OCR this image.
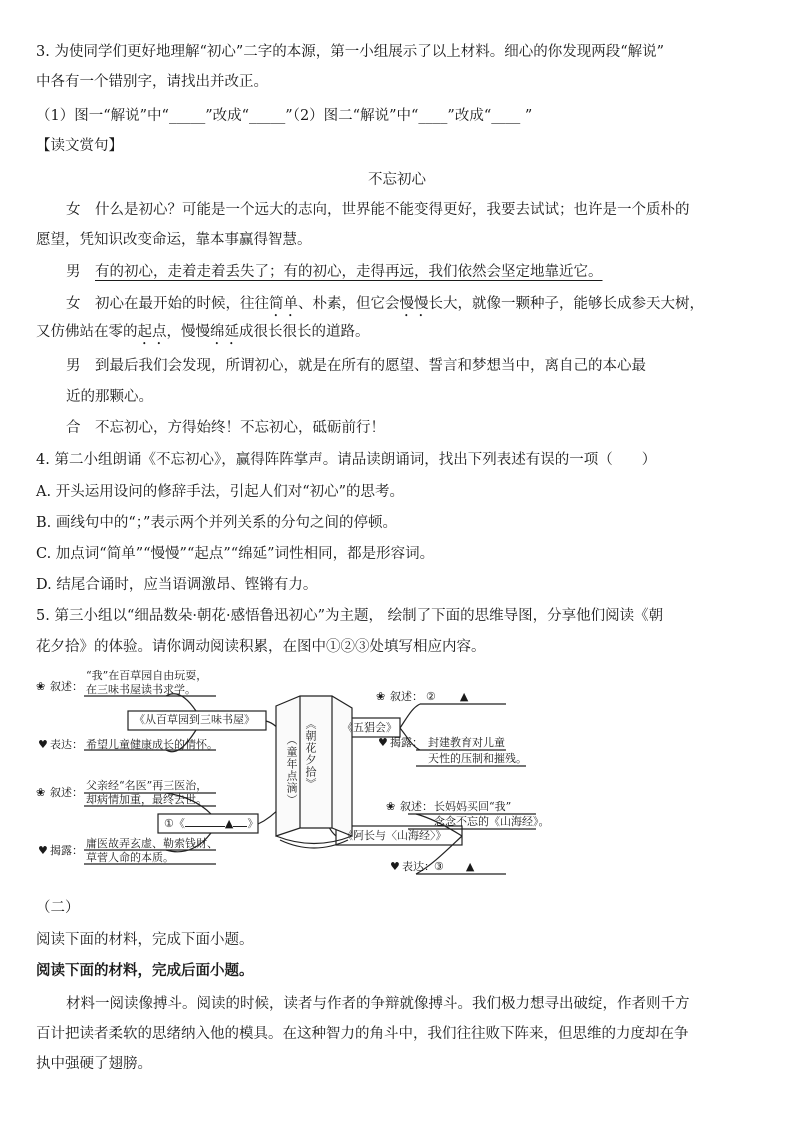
3. 为使同学们更好地理解“初心”二字的本源，第一小组展示了以上材料。细心的你发现两段“解说”
中各有一个错别字，请找出并改正。
（1）图一“解说”中“_____”改成“_____”（2）图二“解说”中“____”改成“____ ”
【读文赏句】
不忘初心
女　什么是初心？可能是一个远大的志向，世界能不能变得更好，我要去试试；也许是一个质朴的
愿望，凭知识改变命运，靠本事赢得智慧。
男　有的初心，走着走着丢失了；有的初心，走得再远，我们依然会坚定地靠近它。
女　初心在最开始的时候，往往简单、朴素，但它会慢慢长大，就像一颗种子，能够长成参天大树，
又仿佛站在零的起点，慢慢绵延成很长很长的道路。
男　到最后我们会发现，所谓初心，就是在所有的愿望、誓言和梦想当中，离自己的本心最
近的那颗心。
合　不忘初心，方得始终！不忘初心，砥砺前行！
4. 第二小组朗诵《不忘初心》，赢得阵阵掌声。请品读朗诵词，找出下列表述有误的一项（　　）
A. 开头运用设问的修辞手法，引起人们对“初心”的思考。
B. 画线句中的“；”表示两个并列关系的分句之间的停顿。
C. 加点词“简单”“慢慢”“起点”“绵延”词性相同，都是形容词。
D. 结尾合诵时，应当语调激昂、铿锵有力。
5. 第三小组以“细品数朵·朝花·感悟鲁迅初心”为主题， 绘制了下面的思维导图，分享他们阅读《朝
花夕拾》的体验。请你调动阅读积累，在图中①②③处填写相应内容。
《朝花夕拾》
（童年点滴）
❀ 叙述：
“我”在百草园自由玩耍，
在三味书屋读书求学。
《从百草园到三味书屋》
♥ 表达： 希望儿童健康成长的情怀。
❀ 叙述：
父亲经“名医”再三医治，
却病情加重，最终去世。
①《	▲ 》
♥ 揭露：
庸医故弄玄虚、勒索钱财、
草菅人命的本质。
❀ 叙述： ② ▲
《五猖会》
♥ 揭露： 封建教育对儿童
天性的压制和摧残。
❀ 叙述： 长妈妈买回“我”
念念不忘的《山海经》。
《阿长与〈山海经〉》
♥ 表达： ③ ▲
（二）
阅读下面的材料，完成下面小题。
阅读下面的材料，完成后面小题。
材料一阅读像搏斗。阅读的时候，读者与作者的争辩就像搏斗。我们极力想寻出破绽，作者则千方
百计把读者柔软的思绪纳入他的模具。在这种智力的角斗中，我们往往败下阵来，但思维的力度却在争
执中强硬了翅膀。
